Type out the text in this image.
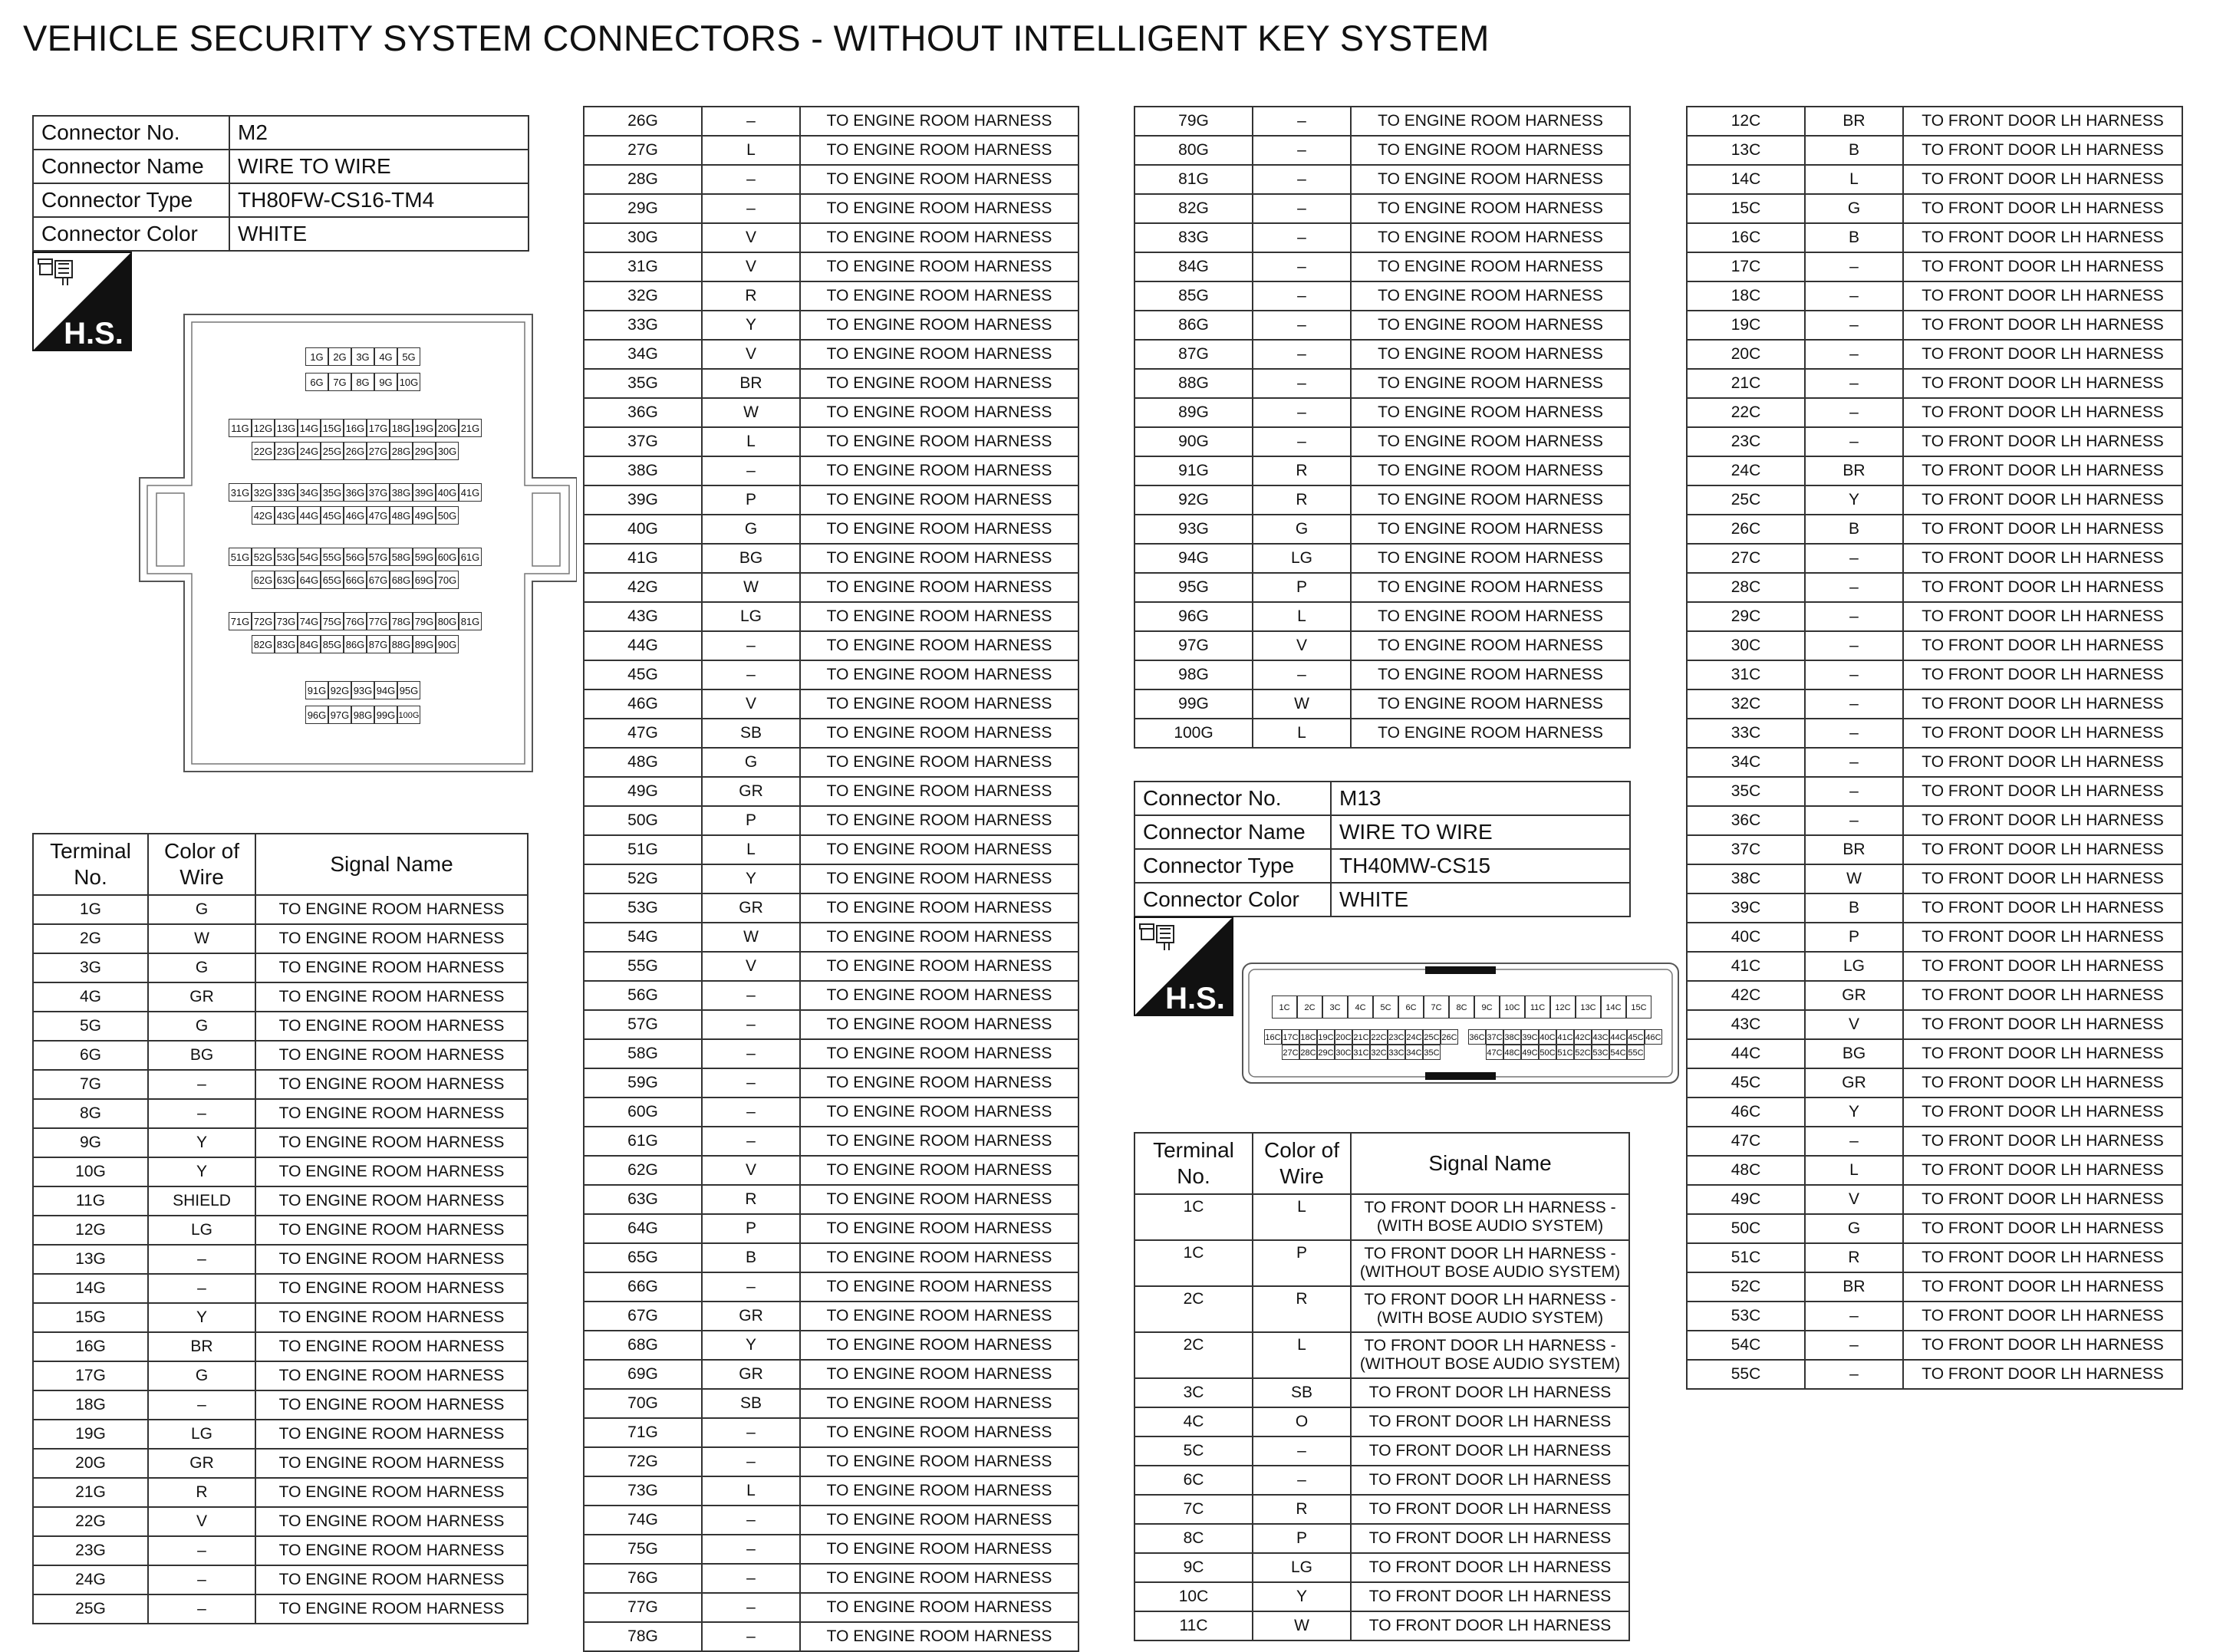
VEHICLE SECURITY SYSTEM CONNECTORS - WITHOUT INTELLIGENT KEY SYSTEM
Connector No.	M2
Connector Name	WIRE TO WIRE
Connector Type	TH80FW-CS16-TM4
Connector Color	WHITE
H.S.
1G 2G 3G 4G 5G
6G 7G 8G 9G 10G
11G 12G 13G 14G 15G 16G 17G 18G 19G 20G 21G
22G 23G 24G 25G 26G 27G 28G 29G 30G
31G 32G 33G 34G 35G 36G 37G 38G 39G 40G 41G
42G 43G 44G 45G 46G 47G 48G 49G 50G
51G 52G 53G 54G 55G 56G 57G 58G 59G 60G 61G
62G 63G 64G 65G 66G 67G 68G 69G 70G
71G 72G 73G 74G 75G 76G 77G 78G 79G 80G 81G
82G 83G 84G 85G 86G 87G 88G 89G 90G
91G 92G 93G 94G 95G
96G 97G 98G 99G 100G
Terminal No.	Color of Wire	Signal Name
1G	G	TO ENGINE ROOM HARNESS
2G	W	TO ENGINE ROOM HARNESS
3G	G	TO ENGINE ROOM HARNESS
4G	GR	TO ENGINE ROOM HARNESS
5G	G	TO ENGINE ROOM HARNESS
6G	BG	TO ENGINE ROOM HARNESS
7G	–	TO ENGINE ROOM HARNESS
8G	–	TO ENGINE ROOM HARNESS
9G	Y	TO ENGINE ROOM HARNESS
10G	Y	TO ENGINE ROOM HARNESS
11G	SHIELD	TO ENGINE ROOM HARNESS
12G	LG	TO ENGINE ROOM HARNESS
13G	–	TO ENGINE ROOM HARNESS
14G	–	TO ENGINE ROOM HARNESS
15G	Y	TO ENGINE ROOM HARNESS
16G	BR	TO ENGINE ROOM HARNESS
17G	G	TO ENGINE ROOM HARNESS
18G	–	TO ENGINE ROOM HARNESS
19G	LG	TO ENGINE ROOM HARNESS
20G	GR	TO ENGINE ROOM HARNESS
21G	R	TO ENGINE ROOM HARNESS
22G	V	TO ENGINE ROOM HARNESS
23G	–	TO ENGINE ROOM HARNESS
24G	–	TO ENGINE ROOM HARNESS
25G	–	TO ENGINE ROOM HARNESS
26G	–	TO ENGINE ROOM HARNESS
27G	L	TO ENGINE ROOM HARNESS
28G	–	TO ENGINE ROOM HARNESS
29G	–	TO ENGINE ROOM HARNESS
30G	V	TO ENGINE ROOM HARNESS
31G	V	TO ENGINE ROOM HARNESS
32G	R	TO ENGINE ROOM HARNESS
33G	Y	TO ENGINE ROOM HARNESS
34G	V	TO ENGINE ROOM HARNESS
35G	BR	TO ENGINE ROOM HARNESS
36G	W	TO ENGINE ROOM HARNESS
37G	L	TO ENGINE ROOM HARNESS
38G	–	TO ENGINE ROOM HARNESS
39G	P	TO ENGINE ROOM HARNESS
40G	G	TO ENGINE ROOM HARNESS
41G	BG	TO ENGINE ROOM HARNESS
42G	W	TO ENGINE ROOM HARNESS
43G	LG	TO ENGINE ROOM HARNESS
44G	–	TO ENGINE ROOM HARNESS
45G	–	TO ENGINE ROOM HARNESS
46G	V	TO ENGINE ROOM HARNESS
47G	SB	TO ENGINE ROOM HARNESS
48G	G	TO ENGINE ROOM HARNESS
49G	GR	TO ENGINE ROOM HARNESS
50G	P	TO ENGINE ROOM HARNESS
51G	L	TO ENGINE ROOM HARNESS
52G	Y	TO ENGINE ROOM HARNESS
53G	GR	TO ENGINE ROOM HARNESS
54G	W	TO ENGINE ROOM HARNESS
55G	V	TO ENGINE ROOM HARNESS
56G	–	TO ENGINE ROOM HARNESS
57G	–	TO ENGINE ROOM HARNESS
58G	–	TO ENGINE ROOM HARNESS
59G	–	TO ENGINE ROOM HARNESS
60G	–	TO ENGINE ROOM HARNESS
61G	–	TO ENGINE ROOM HARNESS
62G	V	TO ENGINE ROOM HARNESS
63G	R	TO ENGINE ROOM HARNESS
64G	P	TO ENGINE ROOM HARNESS
65G	B	TO ENGINE ROOM HARNESS
66G	–	TO ENGINE ROOM HARNESS
67G	GR	TO ENGINE ROOM HARNESS
68G	Y	TO ENGINE ROOM HARNESS
69G	GR	TO ENGINE ROOM HARNESS
70G	SB	TO ENGINE ROOM HARNESS
71G	–	TO ENGINE ROOM HARNESS
72G	–	TO ENGINE ROOM HARNESS
73G	L	TO ENGINE ROOM HARNESS
74G	–	TO ENGINE ROOM HARNESS
75G	–	TO ENGINE ROOM HARNESS
76G	–	TO ENGINE ROOM HARNESS
77G	–	TO ENGINE ROOM HARNESS
78G	–	TO ENGINE ROOM HARNESS
79G	–	TO ENGINE ROOM HARNESS
80G	–	TO ENGINE ROOM HARNESS
81G	–	TO ENGINE ROOM HARNESS
82G	–	TO ENGINE ROOM HARNESS
83G	–	TO ENGINE ROOM HARNESS
84G	–	TO ENGINE ROOM HARNESS
85G	–	TO ENGINE ROOM HARNESS
86G	–	TO ENGINE ROOM HARNESS
87G	–	TO ENGINE ROOM HARNESS
88G	–	TO ENGINE ROOM HARNESS
89G	–	TO ENGINE ROOM HARNESS
90G	–	TO ENGINE ROOM HARNESS
91G	R	TO ENGINE ROOM HARNESS
92G	R	TO ENGINE ROOM HARNESS
93G	G	TO ENGINE ROOM HARNESS
94G	LG	TO ENGINE ROOM HARNESS
95G	P	TO ENGINE ROOM HARNESS
96G	L	TO ENGINE ROOM HARNESS
97G	V	TO ENGINE ROOM HARNESS
98G	–	TO ENGINE ROOM HARNESS
99G	W	TO ENGINE ROOM HARNESS
100G	L	TO ENGINE ROOM HARNESS
Connector No.	M13
Connector Name	WIRE TO WIRE
Connector Type	TH40MW-CS15
Connector Color	WHITE
H.S.	1C	2C	3C	4C	5C	6C	7C	8C	9C	10C	11C	12C	13C	14C	15C
16C 17C 18C 19C 20C 21C 22C 23C 24C 25C 26C 36C 37C 38C 39C 40C 41C 42C 43C 44C 45C 46C
27C 28C 29C 30C 31C 32C 33C 34C 35C	47C 48C 49C 50C 51C 52C 53C 54C 55C
Terminal No.	Color of Wire	Signal Name
1C	L	TO FRONT DOOR LH HARNESS -
(WITH BOSE AUDIO SYSTEM)

1C	P	TO FRONT DOOR LH HARNESS -
(WITHOUT BOSE AUDIO SYSTEM)

2C	R	TO FRONT DOOR LH HARNESS -
(WITH BOSE AUDIO SYSTEM)

2C	L	TO FRONT DOOR LH HARNESS -
(WITHOUT BOSE AUDIO SYSTEM)

3C	SB	TO FRONT DOOR LH HARNESS
4C	O	TO FRONT DOOR LH HARNESS
5C	–	TO FRONT DOOR LH HARNESS
6C	–	TO FRONT DOOR LH HARNESS
7C	R	TO FRONT DOOR LH HARNESS
8C	P	TO FRONT DOOR LH HARNESS
9C	LG	TO FRONT DOOR LH HARNESS
10C	Y	TO FRONT DOOR LH HARNESS
11C	W	TO FRONT DOOR LH HARNESS
12C	BR	TO FRONT DOOR LH HARNESS
13C	B	TO FRONT DOOR LH HARNESS
14C	L	TO FRONT DOOR LH HARNESS
15C	G	TO FRONT DOOR LH HARNESS
16C	B	TO FRONT DOOR LH HARNESS
17C	–	TO FRONT DOOR LH HARNESS
18C	–	TO FRONT DOOR LH HARNESS
19C	–	TO FRONT DOOR LH HARNESS
20C	–	TO FRONT DOOR LH HARNESS
21C	–	TO FRONT DOOR LH HARNESS
22C	–	TO FRONT DOOR LH HARNESS
23C	–	TO FRONT DOOR LH HARNESS
24C	BR	TO FRONT DOOR LH HARNESS
25C	Y	TO FRONT DOOR LH HARNESS
26C	B	TO FRONT DOOR LH HARNESS
27C	–	TO FRONT DOOR LH HARNESS
28C	–	TO FRONT DOOR LH HARNESS
29C	–	TO FRONT DOOR LH HARNESS
30C	–	TO FRONT DOOR LH HARNESS
31C	–	TO FRONT DOOR LH HARNESS
32C	–	TO FRONT DOOR LH HARNESS
33C	–	TO FRONT DOOR LH HARNESS
34C	–	TO FRONT DOOR LH HARNESS
35C	–	TO FRONT DOOR LH HARNESS
36C	–	TO FRONT DOOR LH HARNESS
37C	BR	TO FRONT DOOR LH HARNESS
38C	W	TO FRONT DOOR LH HARNESS
39C	B	TO FRONT DOOR LH HARNESS
40C	P	TO FRONT DOOR LH HARNESS
41C	LG	TO FRONT DOOR LH HARNESS
42C	GR	TO FRONT DOOR LH HARNESS
43C	V	TO FRONT DOOR LH HARNESS
44C	BG	TO FRONT DOOR LH HARNESS
45C	GR	TO FRONT DOOR LH HARNESS
46C	Y	TO FRONT DOOR LH HARNESS
47C	–	TO FRONT DOOR LH HARNESS
48C	L	TO FRONT DOOR LH HARNESS
49C	V	TO FRONT DOOR LH HARNESS
50C	G	TO FRONT DOOR LH HARNESS
51C	R	TO FRONT DOOR LH HARNESS
52C	BR	TO FRONT DOOR LH HARNESS
53C	–	TO FRONT DOOR LH HARNESS
54C	–	TO FRONT DOOR LH HARNESS
55C	–	TO FRONT DOOR LH HARNESS
